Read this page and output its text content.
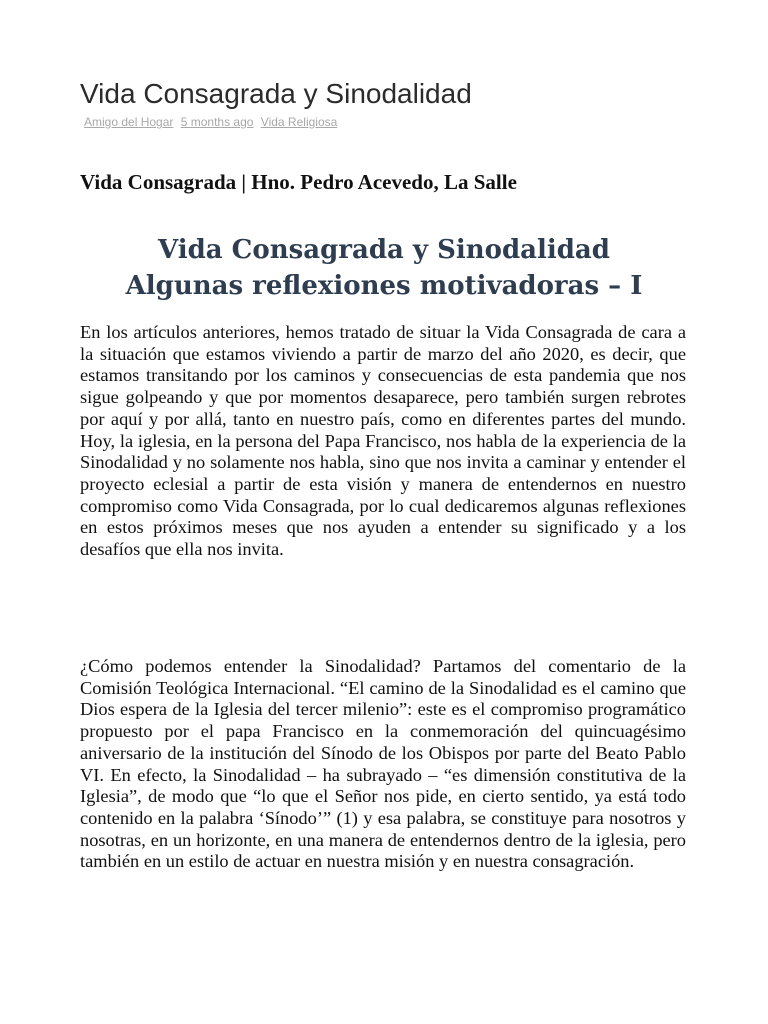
Vida Consagrada y Sinodalidad
Amigo del Hogar 5 months ago Vida Religiosa
Vida Consagrada | Hno. Pedro Acevedo, La Salle
Vida Consagrada y Sinodalidad
Algunas reflexiones motivadoras – I

En los artículos anteriores, hemos tratado de situar la Vida Consagrada de cara a la situación que estamos viviendo a partir de marzo del año 2020, es decir, que estamos transitando por los caminos y consecuencias de esta pandemia que nos sigue golpeando y que por momentos desaparece, pero también surgen rebrotes por aquí y por allá, tanto en nuestro país, como en diferentes partes del mundo. Hoy, la iglesia, en la persona del Papa Francisco, nos habla de la experiencia de la Sinodalidad y no solamente nos habla, sino que nos invita a caminar y entender el proyecto eclesial a partir de esta visión y manera de entendernos en nuestro compromiso como Vida Consagrada, por lo cual dedicaremos algunas reflexiones en estos próximos meses que nos ayuden a entender su significado y a los desafíos que ella nos invita.

¿Cómo podemos entender la Sinodalidad? Partamos del comentario de la Comisión Teológica Internacional. “El camino de la Sinodalidad es el camino que Dios espera de la Iglesia del tercer milenio”: este es el compromiso programático propuesto por el papa Francisco en la conmemoración del quincuagésimo aniversario de la institución del Sínodo de los Obispos por parte del Beato Pablo VI. En efecto, la Sinodalidad – ha subrayado – “es dimensión constitutiva de la Iglesia”, de modo que “lo que el Señor nos pide, en cierto sentido, ya está todo contenido en la palabra ‘Sínodo’” (1) y esa palabra, se constituye para nosotros y nosotras, en un horizonte, en una manera de entendernos dentro de la iglesia, pero también en un estilo de actuar en nuestra misión y en nuestra consagración.
